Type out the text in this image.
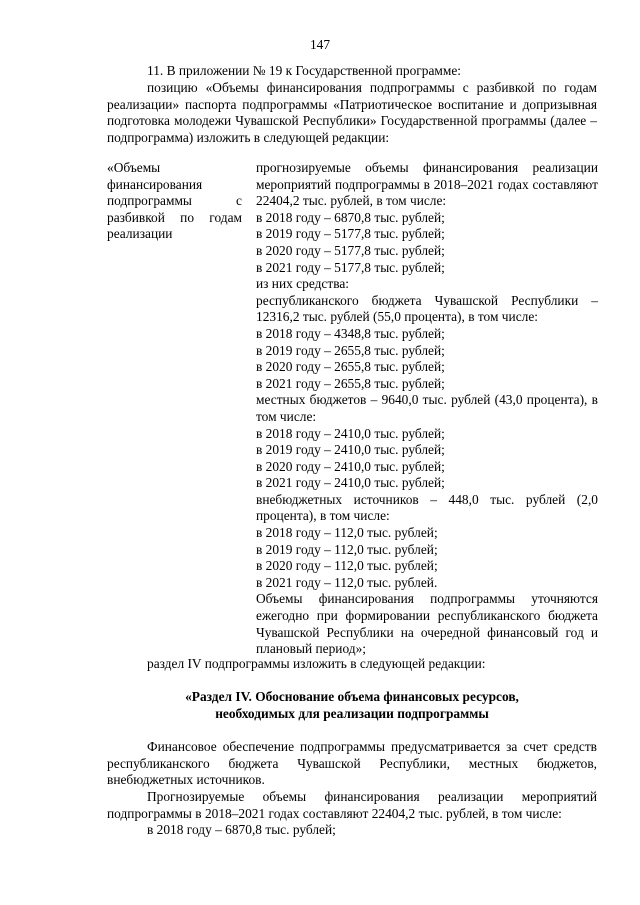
147
11. В приложении № 19 к Государственной программе:
позицию «Объемы финансирования подпрограммы с разбивкой по годам реализации» паспорта подпрограммы «Патриотическое воспитание и допризывная подготовка молодежи Чувашской Республики» Государственной программы (далее – подпрограмма) изложить в следующей редакции:
«Объемы финансирования подпрограммы с разбивкой по годам реализации
прогнозируемые объемы финансирования реализации мероприятий подпрограммы в 2018–2021 годах составляют 22404,2 тыс. рублей, в том числе:
в 2018 году – 6870,8 тыс. рублей;
в 2019 году – 5177,8 тыс. рублей;
в 2020 году – 5177,8 тыс. рублей;
в 2021 году – 5177,8 тыс. рублей;
из них средства:
республиканского бюджета Чувашской Республики – 12316,2 тыс. рублей (55,0 процента), в том числе:
в 2018 году – 4348,8 тыс. рублей;
в 2019 году – 2655,8 тыс. рублей;
в 2020 году – 2655,8 тыс. рублей;
в 2021 году – 2655,8 тыс. рублей;
местных бюджетов – 9640,0 тыс. рублей (43,0 процента), в том числе:
в 2018 году – 2410,0 тыс. рублей;
в 2019 году – 2410,0 тыс. рублей;
в 2020 году – 2410,0 тыс. рублей;
в 2021 году – 2410,0 тыс. рублей;
внебюджетных источников – 448,0 тыс. рублей (2,0 процента), в том числе:
в 2018 году – 112,0 тыс. рублей;
в 2019 году – 112,0 тыс. рублей;
в 2020 году – 112,0 тыс. рублей;
в 2021 году – 112,0 тыс. рублей.
Объемы финансирования подпрограммы уточняются ежегодно при формировании республиканского бюджета Чувашской Республики на очередной финансовый год и плановый период»;
раздел IV подпрограммы изложить в следующей редакции:
«Раздел IV. Обоснование объема финансовых ресурсов,
необходимых для реализации подпрограммы
Финансовое обеспечение подпрограммы предусматривается за счет средств республиканского бюджета Чувашской Республики, местных бюджетов, внебюджетных источников.
Прогнозируемые объемы финансирования реализации мероприятий подпрограммы в 2018–2021 годах составляют 22404,2 тыс. рублей, в том числе:
в 2018 году – 6870,8 тыс. рублей;
